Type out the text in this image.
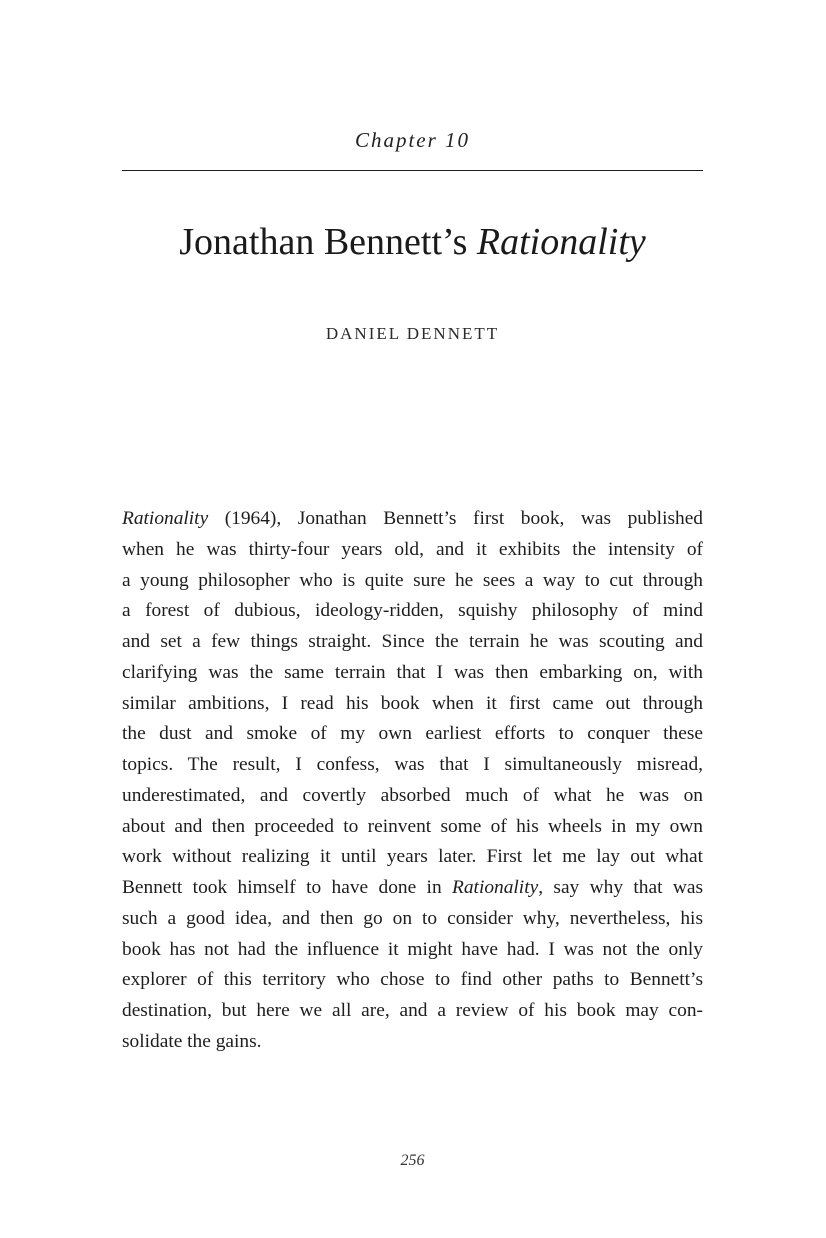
Chapter 10
Jonathan Bennett’s Rationality
DANIEL DENNETT

Rationality (1964), Jonathan Bennett’s first book, was published
when he was thirty-four years old, and it exhibits the intensity of
a young philosopher who is quite sure he sees a way to cut through
a forest of dubious, ideology-ridden, squishy philosophy of mind
and set a few things straight. Since the terrain he was scouting and
clarifying was the same terrain that I was then embarking on, with
similar ambitions, I read his book when it first came out through
the dust and smoke of my own earliest efforts to conquer these
topics. The result, I confess, was that I simultaneously misread,
underestimated, and covertly absorbed much of what he was on
about and then proceeded to reinvent some of his wheels in my own
work without realizing it until years later. First let me lay out what
Bennett took himself to have done in Rationality, say why that was
such a good idea, and then go on to consider why, nevertheless, his
book has not had the influence it might have had. I was not the only
explorer of this territory who chose to find other paths to Bennett’s
destination, but here we all are, and a review of his book may con-
solidate the gains.

256
